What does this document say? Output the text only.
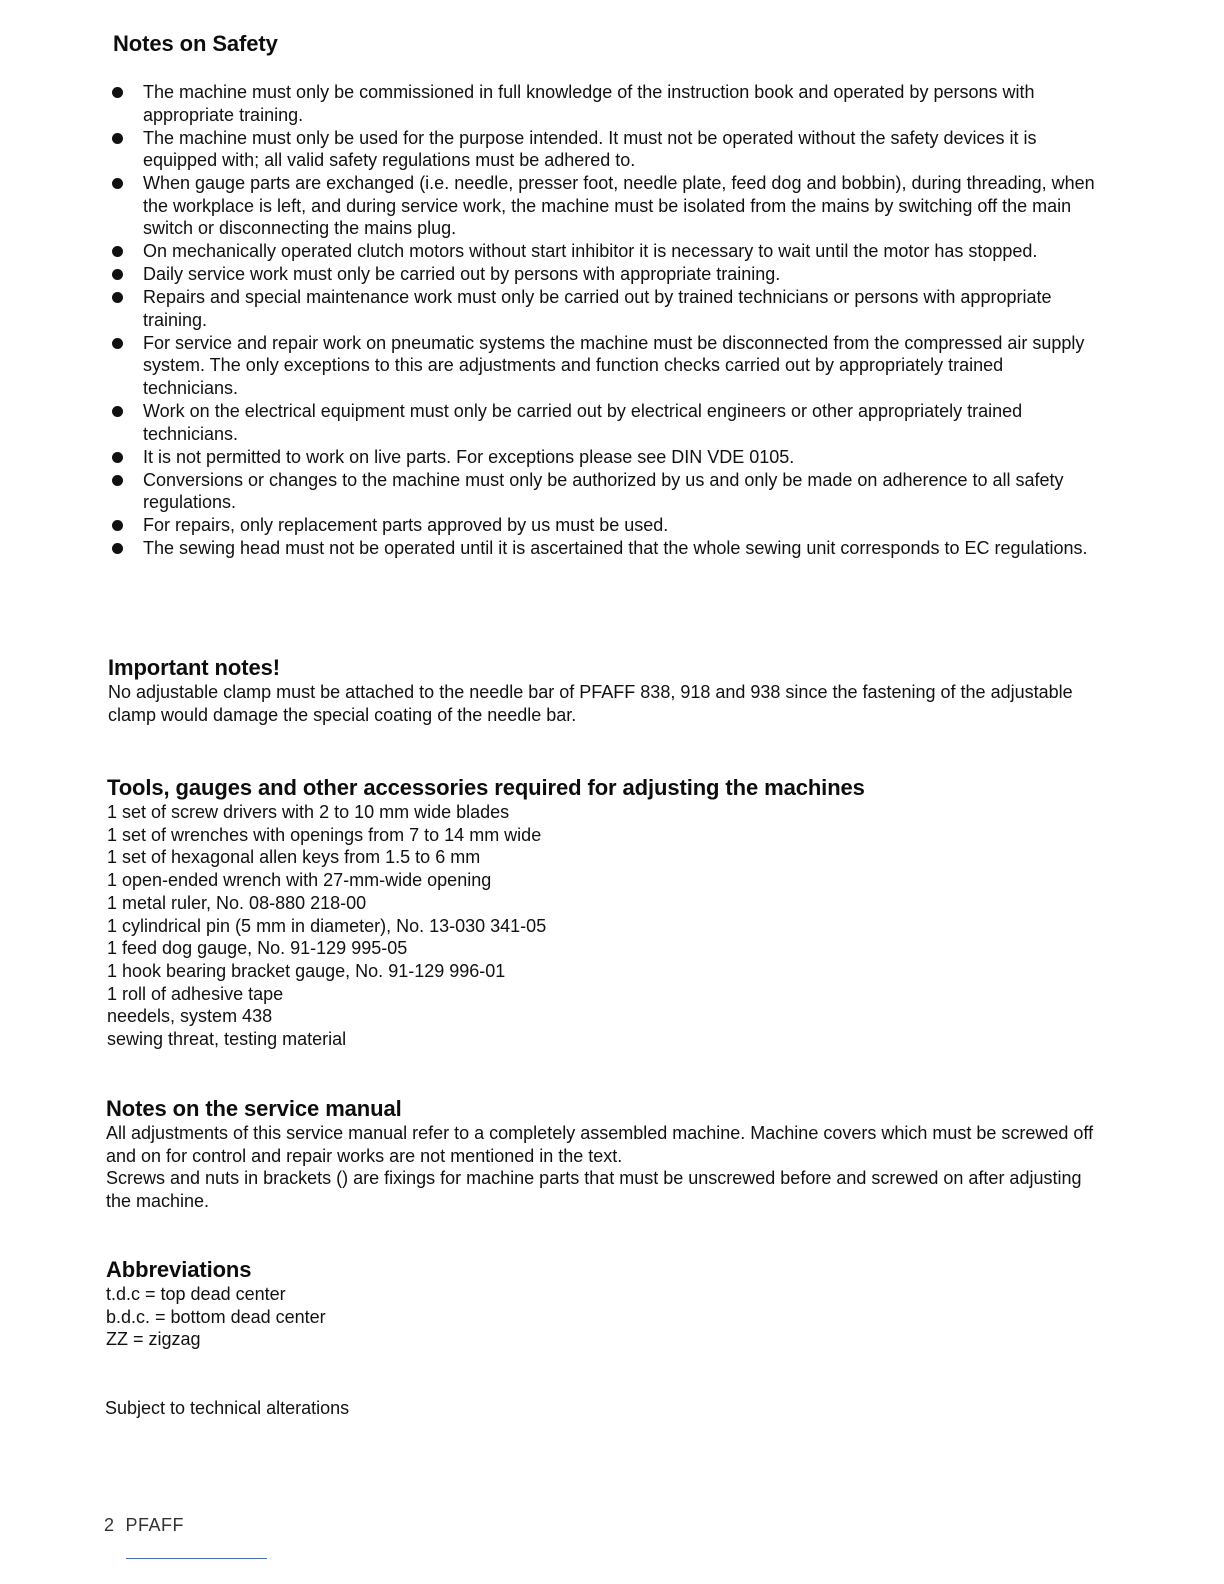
Notes on Safety
The machine must only be commissioned in full knowledge of the instruction book and operated by persons with appropriate training.
The machine must only be used for the purpose intended. It must not be operated without the safety devices it is equipped with; all valid safety regulations must be adhered to.
When gauge parts are exchanged (i.e. needle, presser foot, needle plate, feed dog and bobbin), during threading, when the workplace is left, and during service work, the machine must be isolated from the mains by switching off the main switch or disconnecting the mains plug.
On mechanically operated clutch motors without start inhibitor it is necessary to wait until the motor has stopped.
Daily service work must only be carried out by persons with appropriate training.
Repairs and special maintenance work must only be carried out by trained technicians or persons with appropriate training.
For service and repair work on pneumatic systems the machine must be disconnected from the compressed air supply system. The only exceptions to this are adjustments and function checks carried out by appropriately trained technicians.
Work on the electrical equipment must only be carried out by electrical engineers or other appropriately trained technicians.
It is not permitted to work on live parts. For exceptions please see DIN VDE 0105.
Conversions or changes to the machine must only be authorized by us and only be made on adherence to all safety regulations.
For repairs, only replacement parts approved by us must be used.
The sewing head must not be operated until it is ascertained that the whole sewing unit corresponds to EC regulations.
Important notes!

No adjustable clamp must be attached to the needle bar of PFAFF 838, 918 and 938 since the fastening of the adjustable clamp would damage the special coating of the needle bar.

Tools, gauges and other accessories required for adjusting the machines
1 set of screw drivers with 2 to 10 mm wide blades
1 set of wrenches with openings from 7 to 14 mm wide
1 set of hexagonal allen keys from 1.5 to 6 mm
1 open-ended wrench with 27-mm-wide opening
1 metal ruler, No. 08-880 218-00
1 cylindrical pin (5 mm in diameter), No. 13-030 341-05
1 feed dog gauge, No. 91-129 995-05
1 hook bearing bracket gauge, No. 91-129 996-01
1 roll of adhesive tape
needels, system 438
sewing threat, testing material
Notes on the service manual

All adjustments of this service manual refer to a completely assembled machine. Machine covers which must be screwed off and on for control and repair works are not mentioned in the text.

Screws and nuts in brackets () are fixings for machine parts that must be unscrewed before and screwed on after adjusting the machine.

Abbreviations
t.d.c = top dead center
b.d.c. = bottom dead center
ZZ = zigzag
Subject to technical alterations
2 PFAFF
